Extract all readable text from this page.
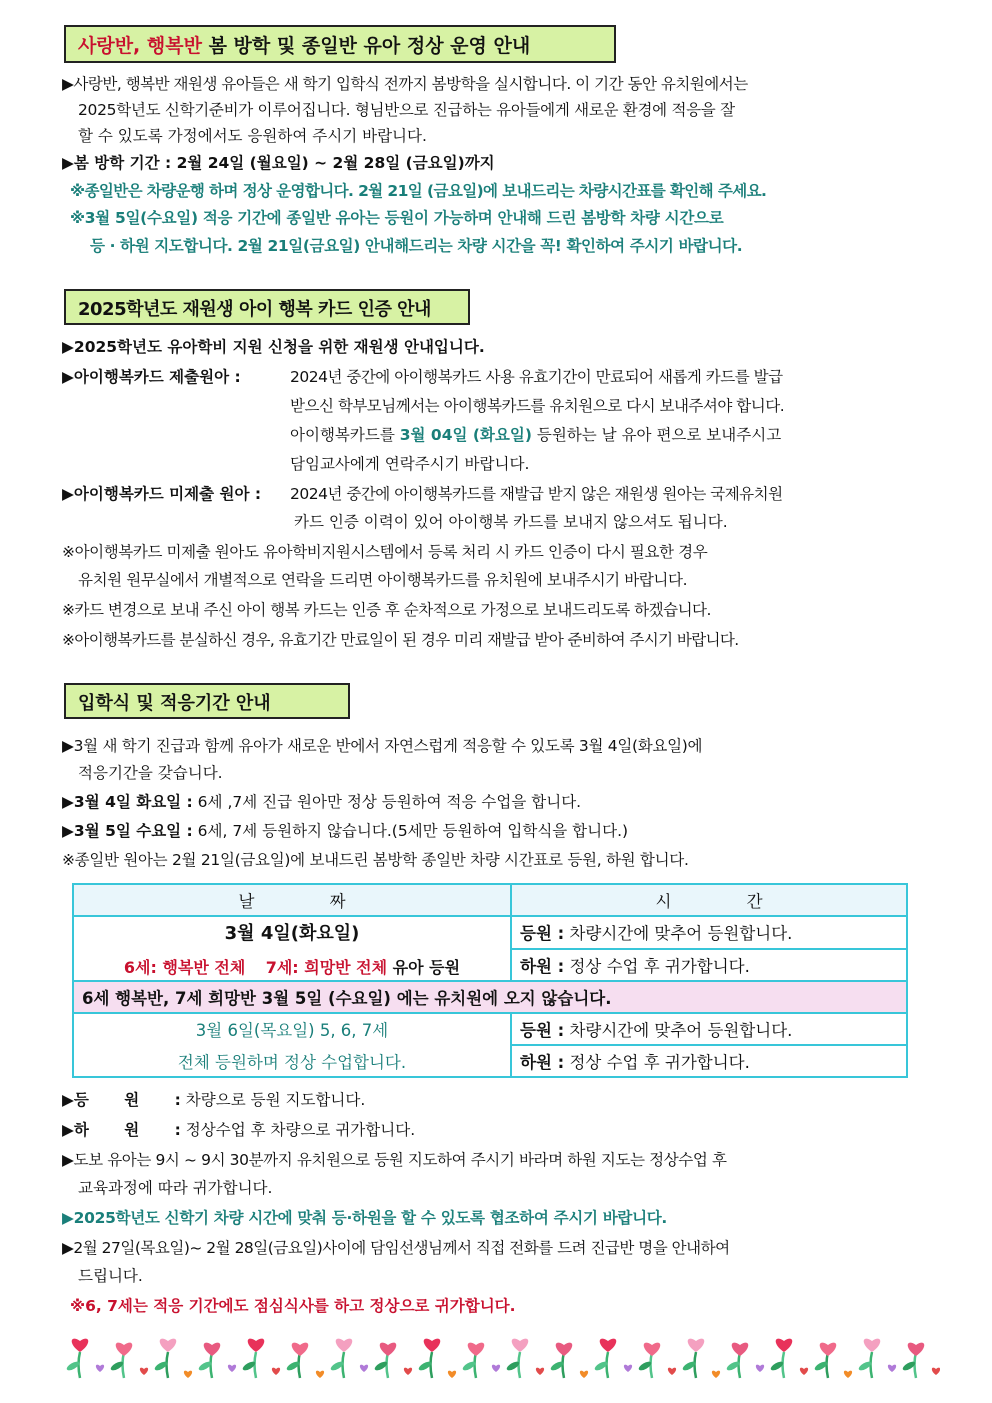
사랑반, 행복반 봄 방학 및 종일반 유아 정상 운영 안내
▶사랑반, 행복반 재원생 유아들은 새 학기 입학식 전까지 봄방학을 실시합니다. 이 기간 동안 유치원에서는
2025학년도 신학기준비가 이루어집니다. 형님반으로 진급하는 유아들에게 새로운 환경에 적응을 잘
할 수 있도록 가정에서도 응원하여 주시기 바랍니다.
▶봄 방학 기간 : 2월 24일 (월요일) ~ 2월 28일 (금요일)까지
※종일반은 차량운행 하며 정상 운영합니다. 2월 21일 (금요일)에 보내드리는 차량시간표를 확인해 주세요.
※3월 5일(수요일) 적응 기간에 종일반 유아는 등원이 가능하며 안내해 드린 봄방학 차량 시간으로
등 · 하원 지도합니다. 2월 21일(금요일) 안내해드리는 차량 시간을 꼭! 확인하여 주시기 바랍니다.
2025학년도 재원생 아이 행복 카드 인증 안내
▶2025학년도 유아학비 지원 신청을 위한 재원생 안내입니다.
▶아이행복카드 제출원아 :	2024년 중간에 아이행복카드 사용 유효기간이 만료되어 새롭게 카드를 발급
받으신 학부모님께서는 아이행복카드를 유치원으로 다시 보내주셔야 합니다.
아이행복카드를 3월 04일 (화요일) 등원하는 날 유아 편으로 보내주시고
담임교사에게 연락주시기 바랍니다.
▶아이행복카드 미제출 원아 : 2024년 중간에 아이행복카드를 재발급 받지 않은 재원생 원아는 국제유치원
카드 인증 이력이 있어 아이행복 카드를 보내지 않으셔도 됩니다.
※아이행복카드 미제출 원아도 유아학비지원시스템에서 등록 처리 시 카드 인증이 다시 필요한 경우
유치원 원무실에서 개별적으로 연락을 드리면 아이행복카드를 유치원에 보내주시기 바랍니다.
※카드 변경으로 보내 주신 아이 행복 카드는 인증 후 순차적으로 가정으로 보내드리도록 하겠습니다.
※아이행복카드를 분실하신 경우, 유효기간 만료일이 된 경우 미리 재발급 받아 준비하여 주시기 바랍니다.
입학식 및 적응기간 안내
▶3월 새 학기 진급과 함께 유아가 새로운 반에서 자연스럽게 적응할 수 있도록 3월 4일(화요일)에
적응기간을 갖습니다.
▶3월 4일 화요일 : 6세 ,7세 진급 원아만 정상 등원하여 적응 수업을 합니다.
▶3월 5일 수요일 : 6세, 7세 등원하지 않습니다.(5세만 등원하여 입학식을 합니다.)
※종일반 원아는 2월 21일(금요일)에 보내드린 봄방학 종일반 차량 시간표로 등원, 하원 합니다.
날 짜	시 간

3월 4일(화요일)
6세: 행복반 전체 7세: 희망반 전체 유아 등원	등원 : 차량시간에 맞추어 등원합니다.
	하원 : 정상 수업 후 귀가합니다.
6세 행복반, 7세 희망반 3월 5일 (수요일) 에는 유치원에 오지 않습니다.	

3월 6일(목요일) 5, 6, 7세
전체 등원하며 정상 수업합니다.	등원 : 차량시간에 맞추어 등원합니다.
	하원 : 정상 수업 후 귀가합니다.
▶등 원 : 차량으로 등원 지도합니다.
▶하 원 : 정상수업 후 차량으로 귀가합니다.
▶도보 유아는 9시 ~ 9시 30분까지 유치원으로 등원 지도하여 주시기 바라며 하원 지도는 정상수업 후
교육과정에 따라 귀가합니다.
▶2025학년도 신학기 차량 시간에 맞춰 등·하원을 할 수 있도록 협조하여 주시기 바랍니다.
▶2월 27일(목요일)~ 2월 28일(금요일)사이에 담임선생님께서 직접 전화를 드려 진급반 명을 안내하여
드립니다.
※6, 7세는 적응 기간에도 점심식사를 하고 정상으로 귀가합니다.
